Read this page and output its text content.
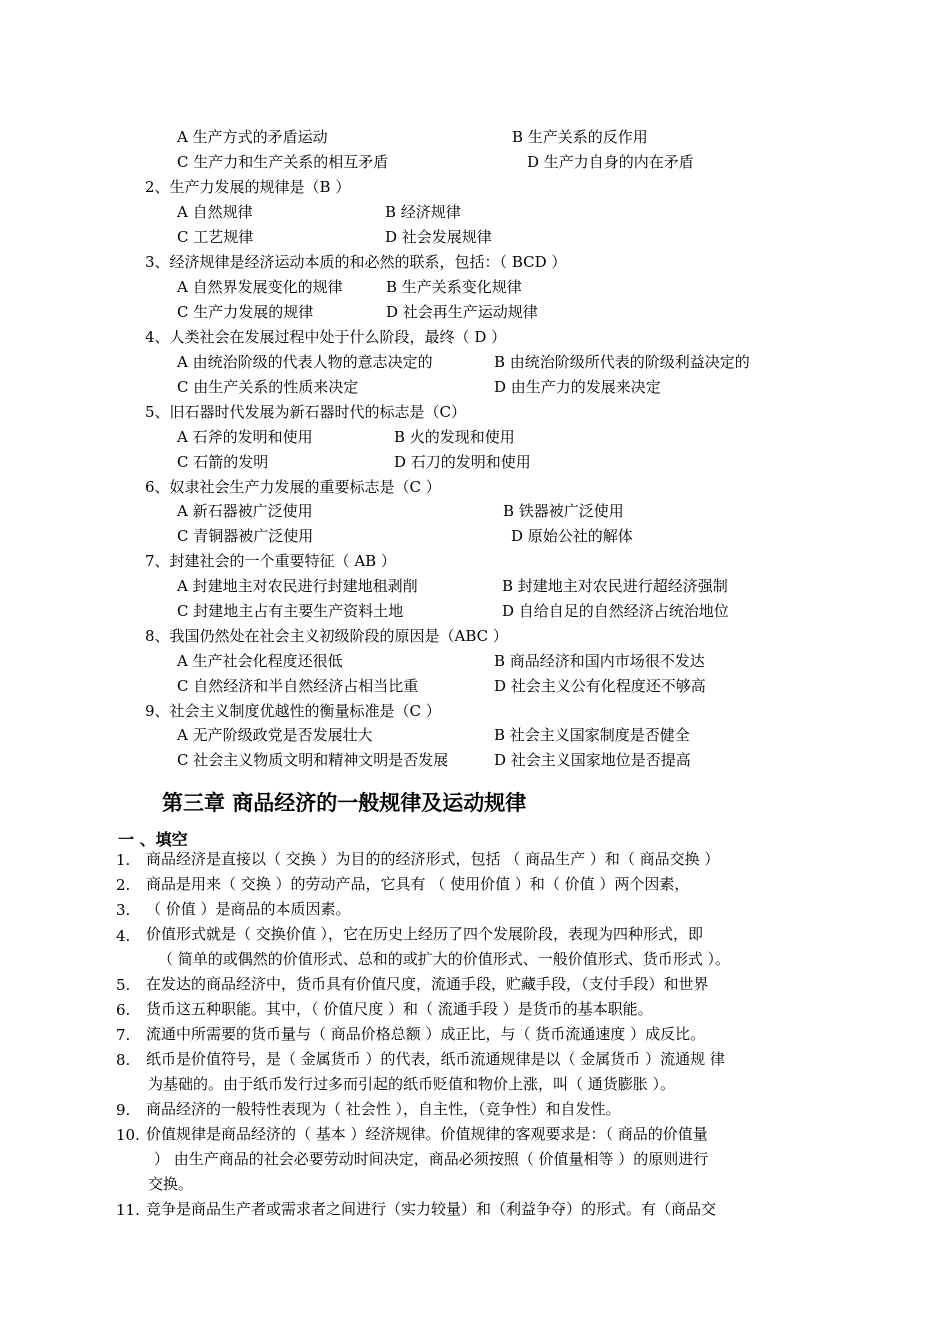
A 生产方式的矛盾运动	B 生产关系的反作用
C 生产力和生产关系的相互矛盾	D 生产力自身的内在矛盾
2、生产力发展的规律是（B ）
A 自然规律	B 经济规律
C 工艺规律	D 社会发展规律
3、经济规律是经济运动本质的和必然的联系，包括：（ BCD ）
A 自然界发展变化的规律	B 生产关系变化规律
C 生产力发展的规律	D 社会再生产运动规律
4、人类社会在发展过程中处于什么阶段，最终（ D ）
A 由统治阶级的代表人物的意志决定的	B 由统治阶级所代表的阶级利益决定的
C 由生产关系的性质来决定	D 由生产力的发展来决定
5、旧石器时代发展为新石器时代的标志是（C）
A 石斧的发明和使用	B 火的发现和使用
C 石箭的发明	D 石刀的发明和使用
6、奴隶社会生产力发展的重要标志是（C ）
A 新石器被广泛使用	B 铁器被广泛使用
C 青铜器被广泛使用	D 原始公社的解体
7、封建社会的一个重要特征（ AB ）
A 封建地主对农民进行封建地租剥削	B 封建地主对农民进行超经济强制
C 封建地主占有主要生产资料土地	D 自给自足的自然经济占统治地位
8、我国仍然处在社会主义初级阶段的原因是（ABC ）
A 生产社会化程度还很低	B 商品经济和国内市场很不发达
C 自然经济和半自然经济占相当比重	D 社会主义公有化程度还不够高
9、社会主义制度优越性的衡量标准是（C ）
A 无产阶级政党是否发展壮大	B 社会主义国家制度是否健全
C 社会主义物质文明和精神文明是否发展	D 社会主义国家地位是否提高
第三章 商品经济的一般规律及运动规律
一 、填空
1. 商品经济是直接以（ 交换 ）为目的的经济形式，包括 （ 商品生产 ）和（ 商品交换 ）
2. 商品是用来（ 交换 ）的劳动产品，它具有 （ 使用价值 ）和（ 价值 ）两个因素，
3. （ 价值 ）是商品的本质因素。
4. 价值形式就是（ 交换价值 ），它在历史上经历了四个发展阶段，表现为四种形式，即
（ 简单的或偶然的价值形式、总和的或扩大的价值形式、一般价值形式、货币形式 ）。
5. 在发达的商品经济中，货币具有价值尺度，流通手段，贮藏手段，（支付手段）和世界
6. 货币这五种职能。其中，（ 价值尺度 ）和（ 流通手段 ）是货币的基本职能。
7. 流通中所需要的货币量与（ 商品价格总额 ）成正比，与（ 货币流通速度 ）成反比。
8. 纸币是价值符号，是（ 金属货币 ）的代表，纸币流通规律是以（ 金属货币 ）流通规 律
为基础的。由于纸币发行过多而引起的纸币贬值和物价上涨，叫（ 通货膨胀 ）。
9. 商品经济的一般特性表现为（ 社会性 ），自主性，（竞争性）和自发性。
10. 价值规律是商品经济的（ 基本 ）经济规律。价值规律的客观要求是：（ 商品的价值量
） 由生产商品的社会必要劳动时间决定，商品必须按照（ 价值量相等 ）的原则进行
交换。
11. 竞争是商品生产者或需求者之间进行（实力较量）和（利益争夺）的形式。有（商品交
